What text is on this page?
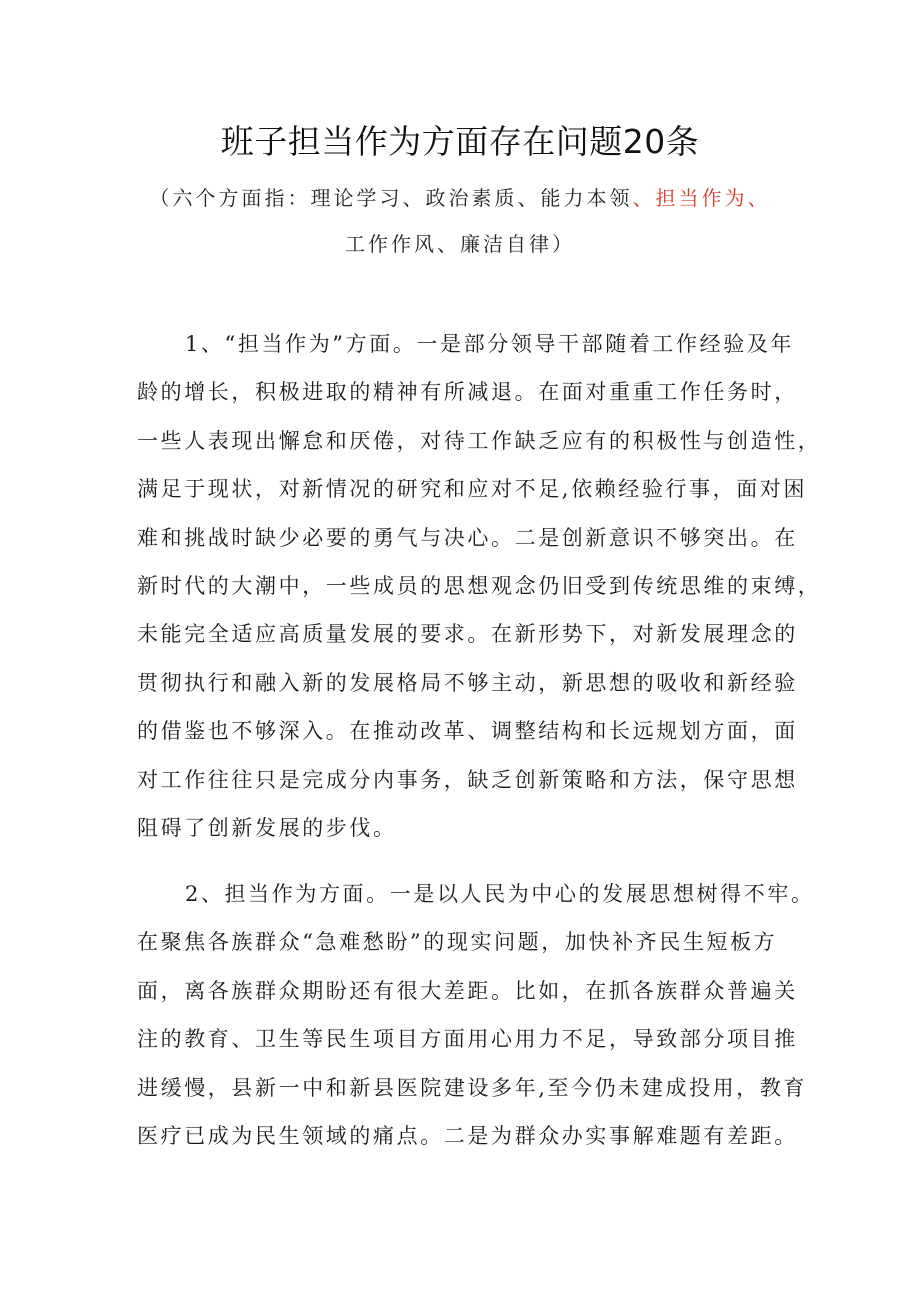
班子担当作为方面存在问题20条
（六个方面指：理论学习、政治素质、能力本领、担当作为、
工作作风、廉洁自律）
1、“担当作为”方面。一是部分领导干部随着工作经验及年
龄的增长，积极进取的精神有所减退。在面对重重工作任务时，
一些人表现出懈怠和厌倦，对待工作缺乏应有的积极性与创造性，
满足于现状，对新情况的研究和应对不足,依赖经验行事，面对困
难和挑战时缺少必要的勇气与决心。二是创新意识不够突出。在
新时代的大潮中，一些成员的思想观念仍旧受到传统思维的束缚，
未能完全适应高质量发展的要求。在新形势下，对新发展理念的
贯彻执行和融入新的发展格局不够主动，新思想的吸收和新经验
的借鉴也不够深入。在推动改革、调整结构和长远规划方面，面
对工作往往只是完成分内事务，缺乏创新策略和方法，保守思想
阻碍了创新发展的步伐。
2、担当作为方面。一是以人民为中心的发展思想树得不牢。
在聚焦各族群众“急难愁盼”的现实问题，加快补齐民生短板方
面，离各族群众期盼还有很大差距。比如，在抓各族群众普遍关
注的教育、卫生等民生项目方面用心用力不足，导致部分项目推
进缓慢，县新一中和新县医院建设多年,至今仍未建成投用，教育
医疗已成为民生领域的痛点。二是为群众办实事解难题有差距。
